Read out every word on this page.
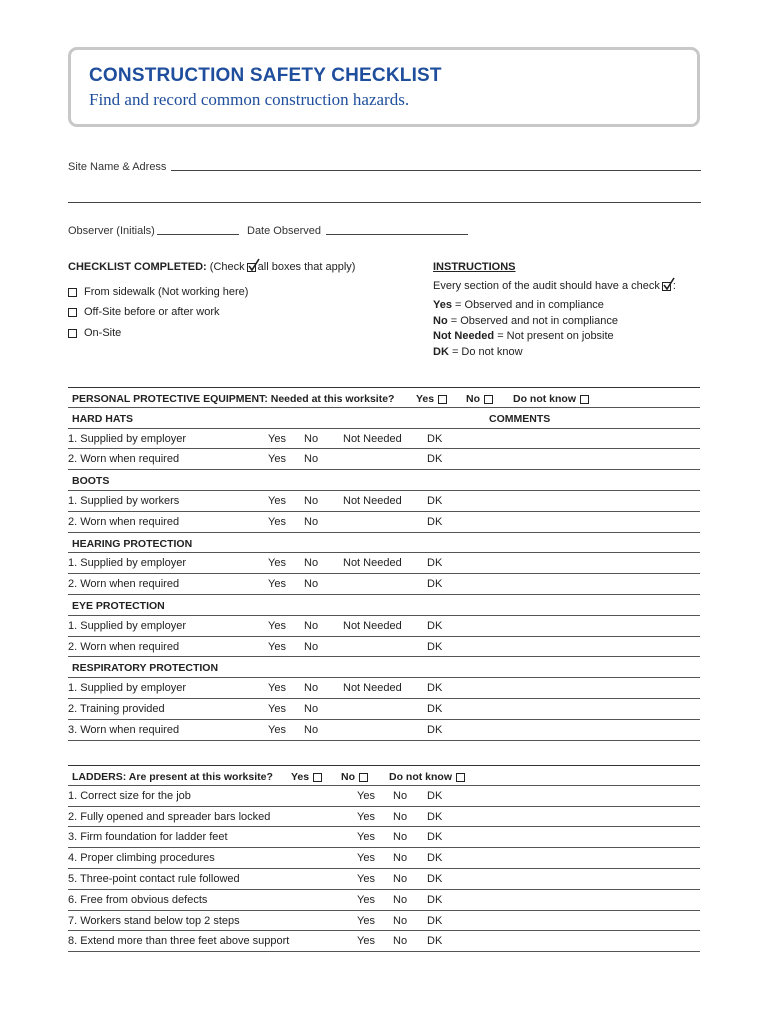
CONSTRUCTION SAFETY CHECKLIST
Find and record common construction hazards.
Site Name & Adress
Observer (Initials)	Date Observed
CHECKLIST COMPLETED: (Check all boxes that apply)
From sidewalk (Not working here)
Off-Site before or after work
On-Site
INSTRUCTIONS
Every section of the audit should have a check :
Yes = Observed and in compliance
No = Observed and not in compliance
Not Needed = Not present on jobsite
DK = Do not know
PERSONAL PROTECTIVE EQUIPMENT: Needed at this worksite? Yes	No	Do not know
HARD HATS	COMMENTS
1. Supplied by employer	Yes No Not Needed DK
2. Worn when required	Yes No	DK
BOOTS
1. Supplied by workers	Yes No Not Needed DK
2. Worn when required	Yes No	DK
HEARING PROTECTION
1. Supplied by employer	Yes No Not Needed DK
2. Worn when required	Yes No	DK
EYE PROTECTION
1. Supplied by employer	Yes No Not Needed DK
2. Worn when required	Yes No	DK
RESPIRATORY PROTECTION
1. Supplied by employer	Yes No Not Needed DK
2. Training provided	Yes No	DK
3. Worn when required	Yes No	DK
LADDERS: Are present at this worksite? Yes	No	Do not know
1. Correct size for the job	Yes No DK
2. Fully opened and spreader bars locked	Yes No DK
3. Firm foundation for ladder feet	Yes No DK
4. Proper climbing procedures	Yes No DK
5. Three-point contact rule followed	Yes No DK
6. Free from obvious defects	Yes No DK
7. Workers stand below top 2 steps	Yes No DK
8. Extend more than three feet above support	Yes No DK
